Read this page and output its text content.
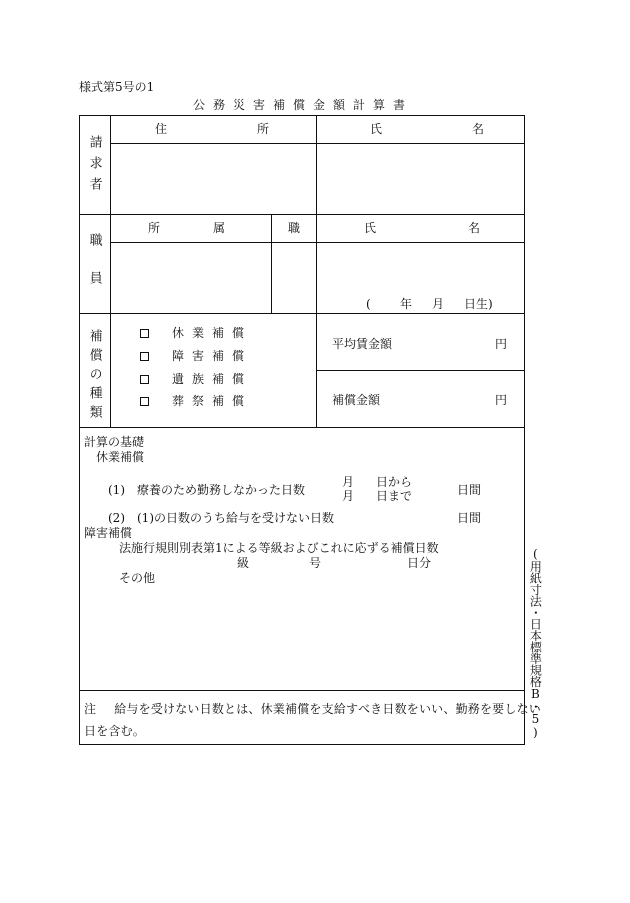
様式第5号の1
公務災害補償金額計算書
請求者
住所 氏名
職員
所属 職	氏名
( 年 月 日生)
補償の種類	休業補償
障害補償
遺族補償
葬祭補償
平均賃金額	円
補償金額	円
計算の基礎
休業補償
(1) 療養のため勤務しなかった日数
月 日から
月 日まで	日間
(2) (1)の日数のうち給与を受けない日数	日間
障害補償
法施行規則別表第1による等級およびこれに応ずる補償日数
級	号	日分
その他
注 給与を受けない日数とは、休業補償を支給すべき日数をいい、勤務を要しない
日を含む。	(用紙寸法・日本標準規格B・5)
